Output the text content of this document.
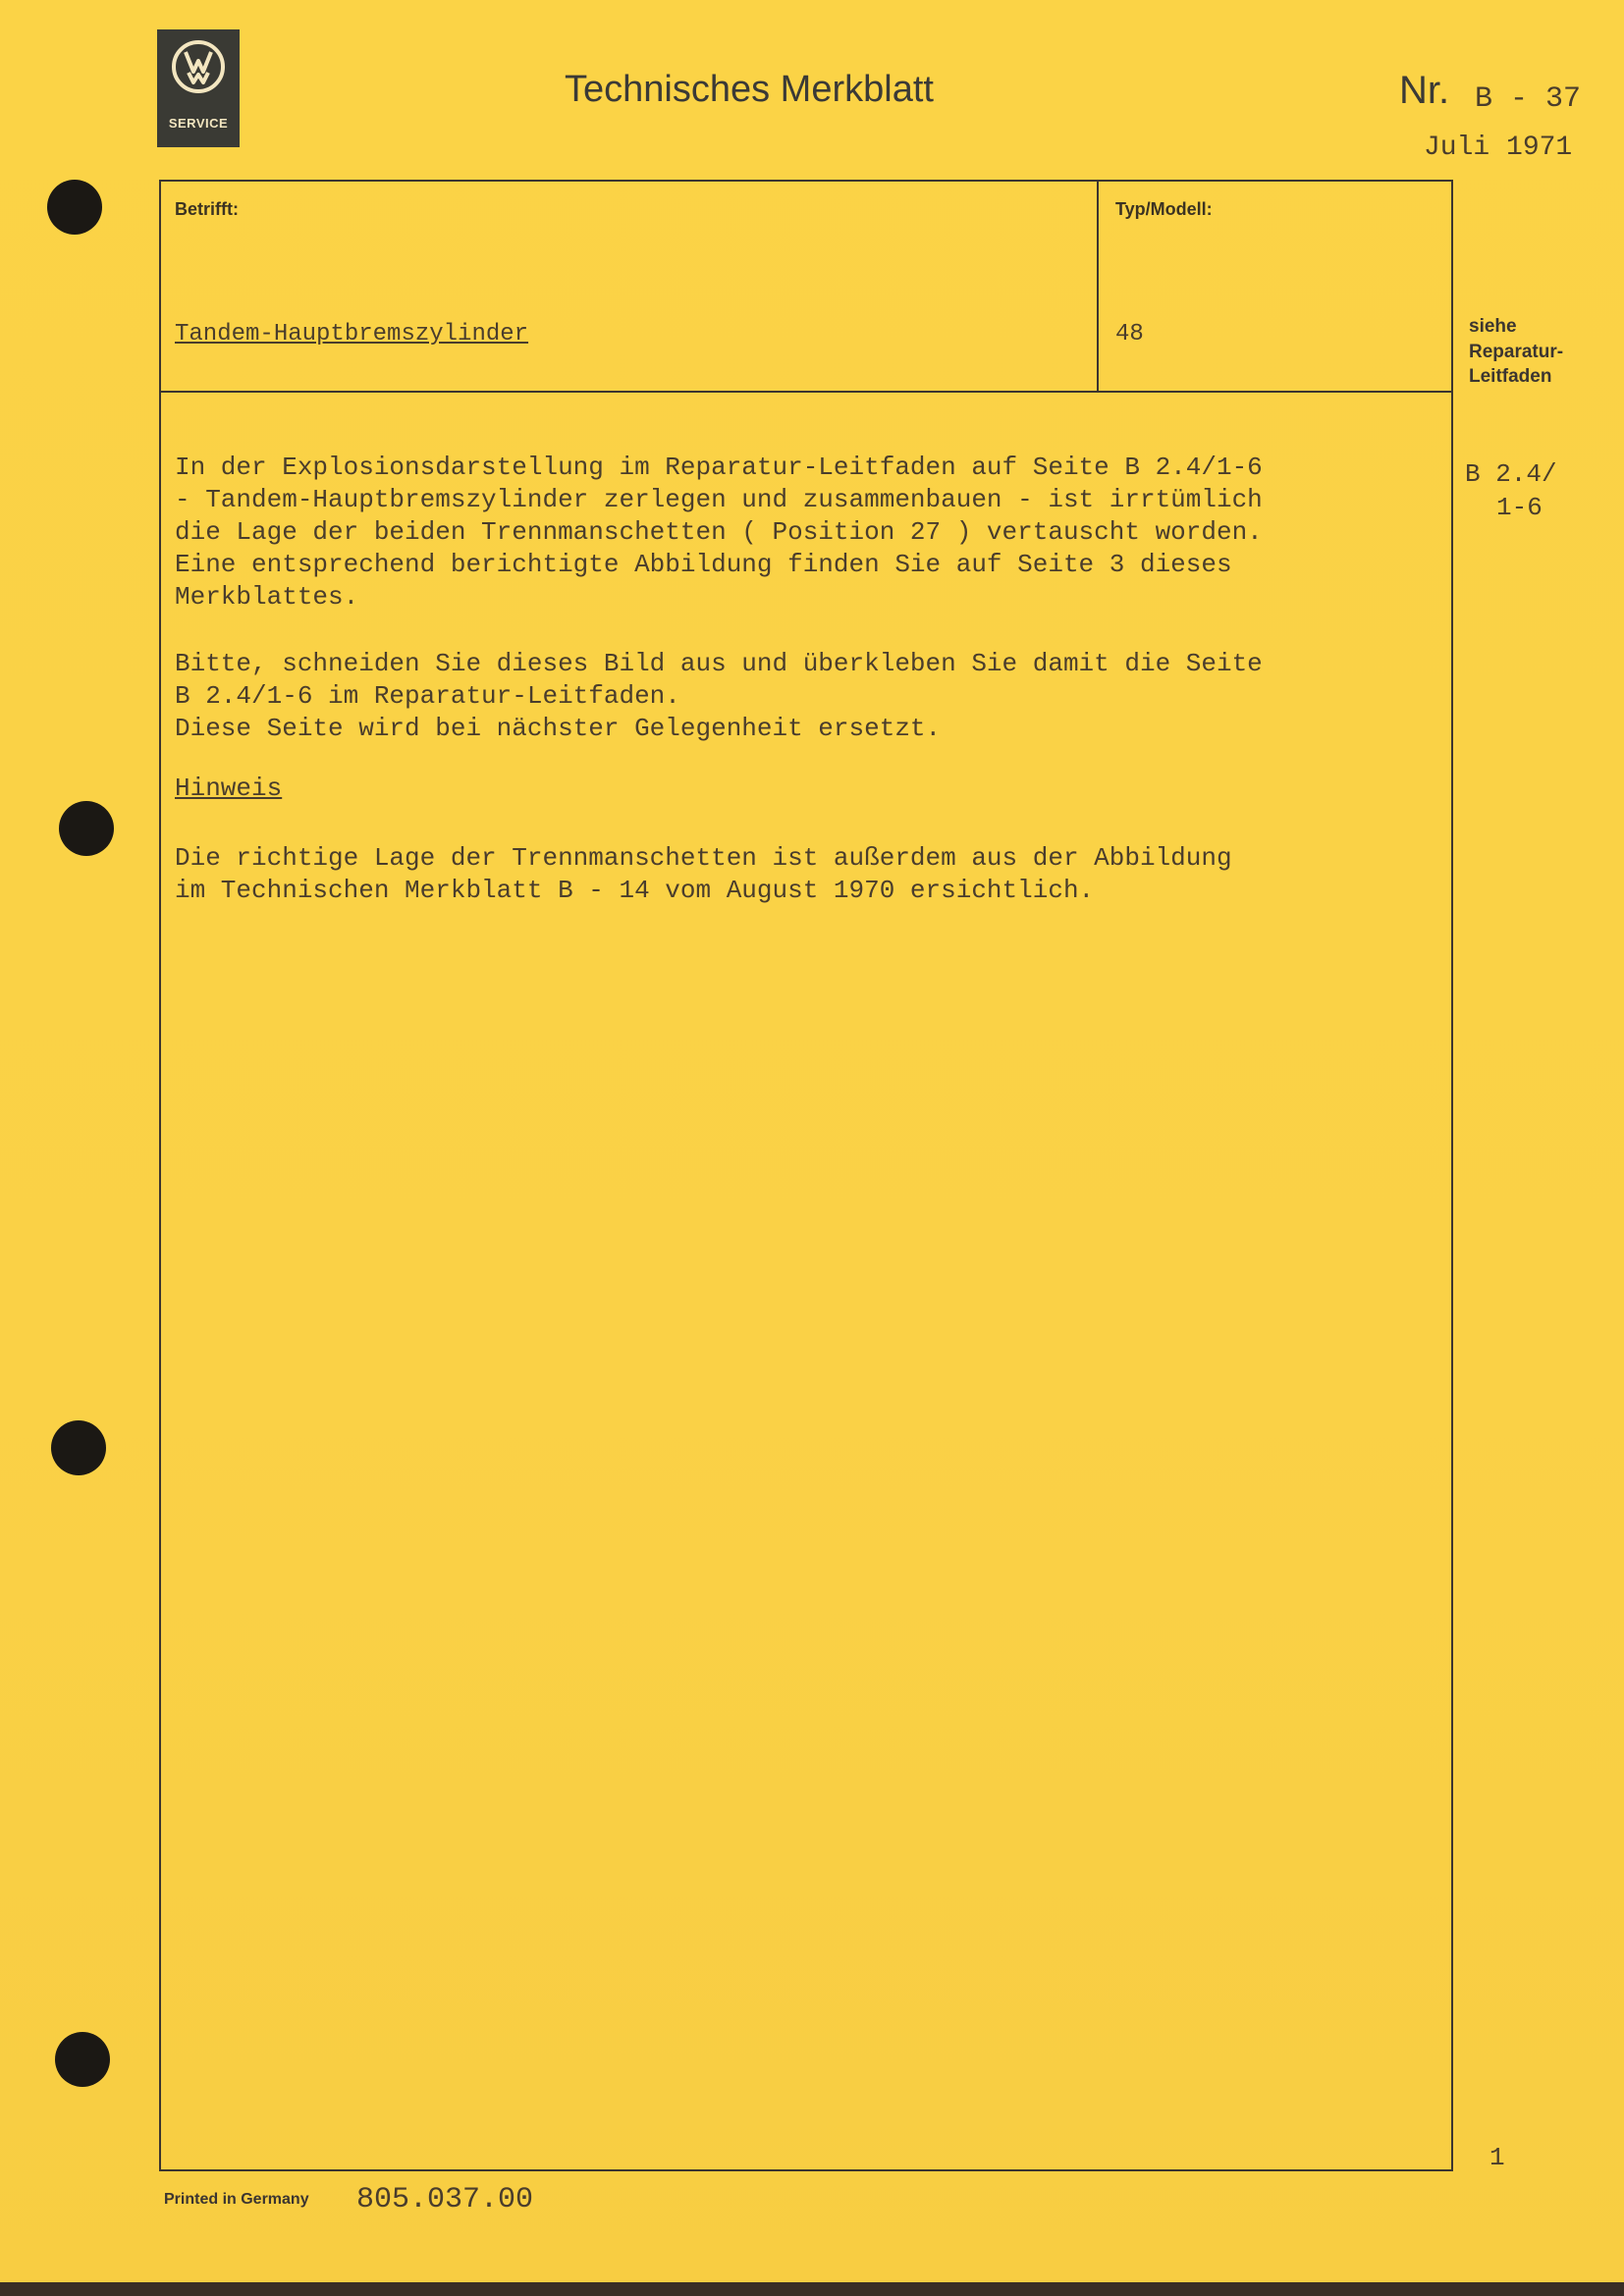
SERVICE
Technisches Merkblatt	Nr. B - 37
Juli 1971
Betrifft:	Typ/Modell:
Tandem-Hauptbremszylinder	48	siehe
Reparatur-
Leitfaden
B 2.4/
1-6
In der Explosionsdarstellung im Reparatur-Leitfaden auf Seite B 2.4/1-6
- Tandem-Hauptbremszylinder zerlegen und zusammenbauen - ist irrtümlich
die Lage der beiden Trennmanschetten ( Position 27 ) vertauscht worden.
Eine entsprechend berichtigte Abbildung finden Sie auf Seite 3 dieses
Merkblattes.
Bitte, schneiden Sie dieses Bild aus und überkleben Sie damit die Seite
B 2.4/1-6 im Reparatur-Leitfaden.
Diese Seite wird bei nächster Gelegenheit ersetzt.
Hinweis
Die richtige Lage der Trennmanschetten ist außerdem aus der Abbildung
im Technischen Merkblatt B - 14 vom August 1970 ersichtlich.
1
Printed in Germany 805.037.00
